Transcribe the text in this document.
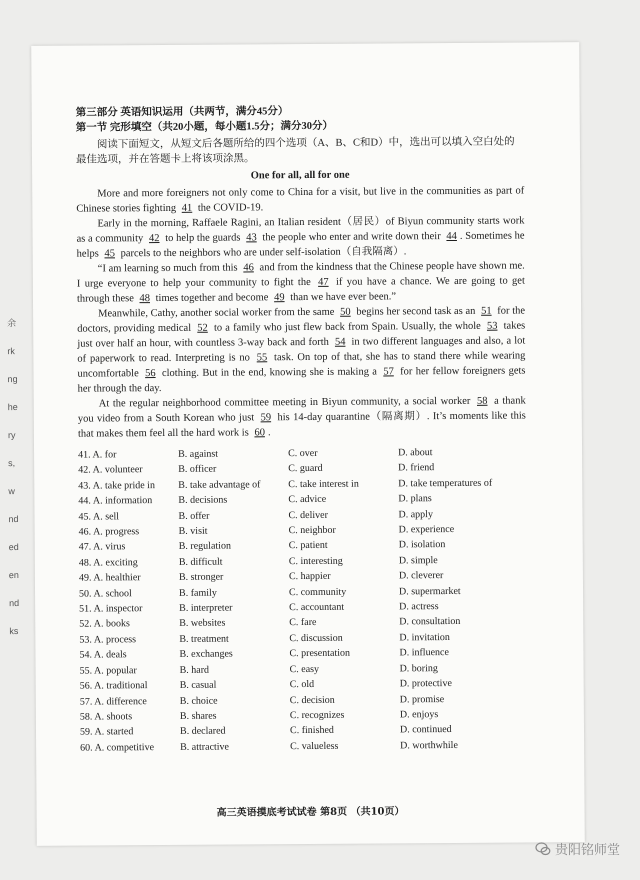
余
rk
ng
he
ry
s,
w
nd
ed
en
nd
ks

第三部分 英语知识运用（共两节，满分45分）

第一节 完形填空（共20小题，每小题1.5分；满分30分）

阅读下面短文，从短文后各题所给的四个选项（A、B、C和D）中，选出可以填入空白处的最佳选项，并在答题卡上将该项涂黑。

One for all, all for one

More and more foreigners not only come to China for a visit, but live in the communities as part of Chinese stories fighting 41 the COVID-19.

Early in the morning, Raffaele Ragini, an Italian resident（居民）of Biyun community starts work as a community 42 to help the guards 43 the people who enter and write down their 44 . Sometimes he helps 45 parcels to the neighbors who are under self-isolation（自我隔离）.

“I am learning so much from this 46 and from the kindness that the Chinese people have shown me. I urge everyone to help your community to fight the 47 if you have a chance. We are going to get through these 48 times together and become 49 than we have ever been.”

Meanwhile, Cathy, another social worker from the same 50 begins her second task as an 51 for the doctors, providing medical 52 to a family who just flew back from Spain. Usually, the whole 53 takes just over half an hour, with countless 3-way back and forth 54 in two different languages and also, a lot of paperwork to read. Interpreting is no 55 task. On top of that, she has to stand there while wearing uncomfortable 56 clothing. But in the end, knowing she is making a 57 for her fellow foreigners gets her through the day.

At the regular neighborhood committee meeting in Biyun community, a social worker 58 a thank you video from a South Korean who just 59 his 14-day quarantine（隔离期）. It’s moments like this that makes them feel all the hard work is 60 .

41. A. for	B. against	C. over	D. about
42. A. volunteer	B. officer	C. guard	D. friend
43. A. take pride in	B. take advantage of	C. take interest in	D. take temperatures of
44. A. information	B. decisions	C. advice	D. plans
45. A. sell	B. offer	C. deliver	D. apply
46. A. progress	B. visit	C. neighbor	D. experience
47. A. virus	B. regulation	C. patient	D. isolation
48. A. exciting	B. difficult	C. interesting	D. simple
49. A. healthier	B. stronger	C. happier	D. cleverer
50. A. school	B. family	C. community	D. supermarket
51. A. inspector	B. interpreter	C. accountant	D. actress
52. A. books	B. websites	C. fare	D. consultation
53. A. process	B. treatment	C. discussion	D. invitation
54. A. deals	B. exchanges	C. presentation	D. influence
55. A. popular	B. hard	C. easy	D. boring
56. A. traditional	B. casual	C. old	D. protective
57. A. difference	B. choice	C. decision	D. promise
58. A. shoots	B. shares	C. recognizes	D. enjoys
59. A. started	B. declared	C. finished	D. continued
60. A. competitive	B. attractive	C. valueless	D. worthwhile
高三英语摸底考试试卷 第8页 （共10页）
贵阳铭师堂
